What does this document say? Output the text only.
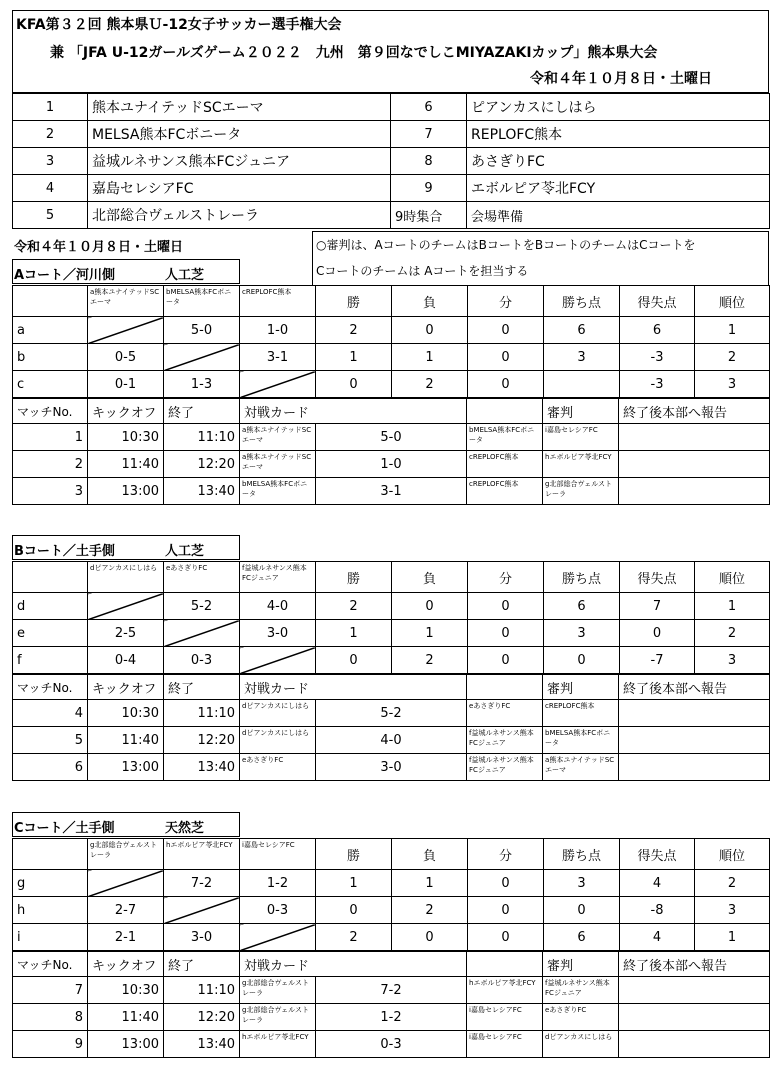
KFA第３２回 熊本県Ｕ-12女子サッカー選手権大会
兼 「JFA U-12ガールズゲーム２０２２　九州　第９回なでしこMIYAZAKIカップ」熊本県大会
令和４年１０月８日・土曜日
1	熊本ユナイテッドSCエーマ	6	ピアンカスにしはら

2	MELSA熊本FCボニータ	7	REPLOFC熊本

3	益城ルネサンス熊本FCジュニア	8	あさぎりFC

4	嘉島セレシアFC	9	エボルピア苓北FCY

5	北部総合ヴェルストレーラ	9時集合	会場準備
令和４年１０月８日・土曜日	○審判は、AコートのチームはBコートをBコートのチームはCコートを
Cコートのチームは Aコートを担当する
Aコート／河川側	人工芝

	a熊本ユナイテッドSCエーマ	bMELSA熊本FCボニータ	cREPLOFC熊本	勝	負	分	勝ち点	得失点	順位

a		5-0	1-0	2	0	0	6	6	1

b	0-5		3-1	1	1	0	3	-3	2

c	0-1	1-3		0	2	0		-3	3
マッチNo.	キックオフ	終了	対戦カード			審判	終了後本部へ報告

1	10:30	11:10	a熊本ユナイテッドSCエーマ	5-0	bMELSA熊本FCボニータ	i嘉島セレシアFC	

2	11:40	12:20	a熊本ユナイテッドSCエーマ	1-0	cREPLOFC熊本	hエボルピア苓北FCY	

3	13:00	13:40	bMELSA熊本FCボニータ	3-1	cREPLOFC熊本	g北部総合ヴェルストレーラ	

Bコート／土手側	人工芝

	dピアンカスにしはら	eあさぎりFC	f益城ルネサンス熊本FCジュニア	勝	負	分	勝ち点	得失点	順位

d		5-2	4-0	2	0	0	6	7	1

e	2-5		3-0	1	1	0	3	0	2

f	0-4	0-3		0	2	0	0	-7	3
マッチNo.	キックオフ	終了	対戦カード			審判	終了後本部へ報告

4	10:30	11:10	dピアンカスにしはら	5-2	eあさぎりFC	cREPLOFC熊本	

5	11:40	12:20	dピアンカスにしはら	4-0	f益城ルネサンス熊本FCジュニア	bMELSA熊本FCボニータ	

6	13:00	13:40	eあさぎりFC	3-0	f益城ルネサンス熊本FCジュニア	a熊本ユナイテッドSCエーマ	

Cコート／土手側	天然芝

	g北部総合ヴェルストレーラ	hエボルピア苓北FCY	i嘉島セレシアFC	勝	負	分	勝ち点	得失点	順位

g		7-2	1-2	1	1	0	3	4	2

h	2-7		0-3	0	2	0	0	-8	3

i	2-1	3-0		2	0	0	6	4	1
マッチNo.	キックオフ	終了	対戦カード			審判	終了後本部へ報告

7	10:30	11:10	g北部総合ヴェルストレーラ	7-2	hエボルピア苓北FCY	f益城ルネサンス熊本FCジュニア	

8	11:40	12:20	g北部総合ヴェルストレーラ	1-2	i嘉島セレシアFC	eあさぎりFC	

9	13:00	13:40	hエボルピア苓北FCY	0-3	i嘉島セレシアFC	dピアンカスにしはら	
